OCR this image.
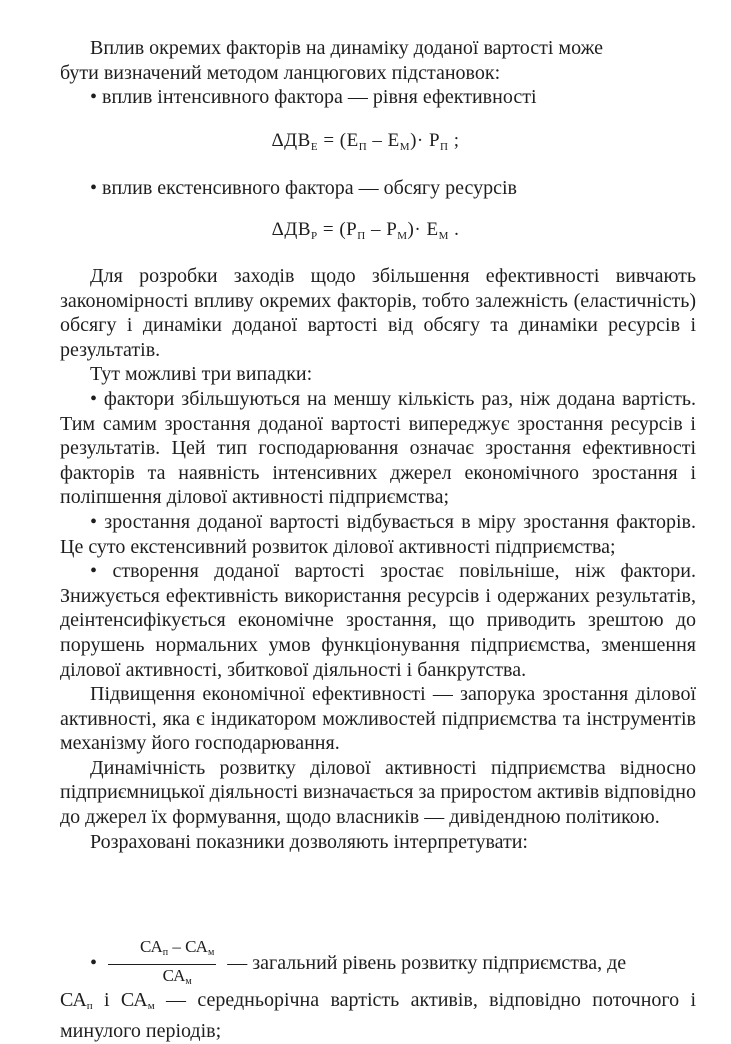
Вплив окремих факторів на динаміку доданої вартості може

бути визначений методом ланцюгових підстановок:

• вплив інтенсивного фактора — рівня ефективності

$\Delta ДВ_Е = (Е_П - Е_М)\cdot Р_П$ ;

• вплив екстенсивного фактора — обсягу ресурсів

$\Delta ДВ_Р = (Р_П - Р_М)\cdot Е_М$ .

Для розробки заходів щодо збільшення ефективності вивчають закономірності впливу окремих факторів, тобто залежність (еластичність) обсягу і динаміки доданої вартості від обсягу та динаміки ресурсів і результатів.

Тут можливі три випадки:

• фактори збільшуються на меншу кількість раз, ніж додана вартість. Тим самим зростання доданої вартості випереджує зростання ресурсів і результатів. Цей тип господарювання означає зростання ефективності факторів та наявність інтенсивних джерел економічного зростання і поліпшення ділової активності підприємства;

• зростання доданої вартості відбувається в міру зростання факторів. Це суто екстенсивний розвиток ділової активності підприємства;

• створення доданої вартості зростає повільніше, ніж фактори. Знижується ефективність використання ресурсів і одержаних результатів, деінтенсифікується економічне зростання, що приводить зрештою до порушень нормальних умов функціонування підприємства, зменшення ділової активності, збиткової діяльності і банкрутства.

Підвищення економічної ефективності — запорука зростання ділової активності, яка є індикатором можливостей підприємства та інструментів механізму його господарювання.

Динамічність розвитку ділової активності підприємства відносно підприємницької діяльності визначається за приростом активів відповідно до джерел їх формування, щодо власників — дивідендною політикою.

Розраховані показники дозволяють інтерпретувати:

• $\frac{СА_п - СА_м}{СА_м}$ — загальний рівень розвитку підприємства, де

$СА_п$ і $СА_м$ — середньорічна вартість активів, відповідно поточного і минулого періодів;
